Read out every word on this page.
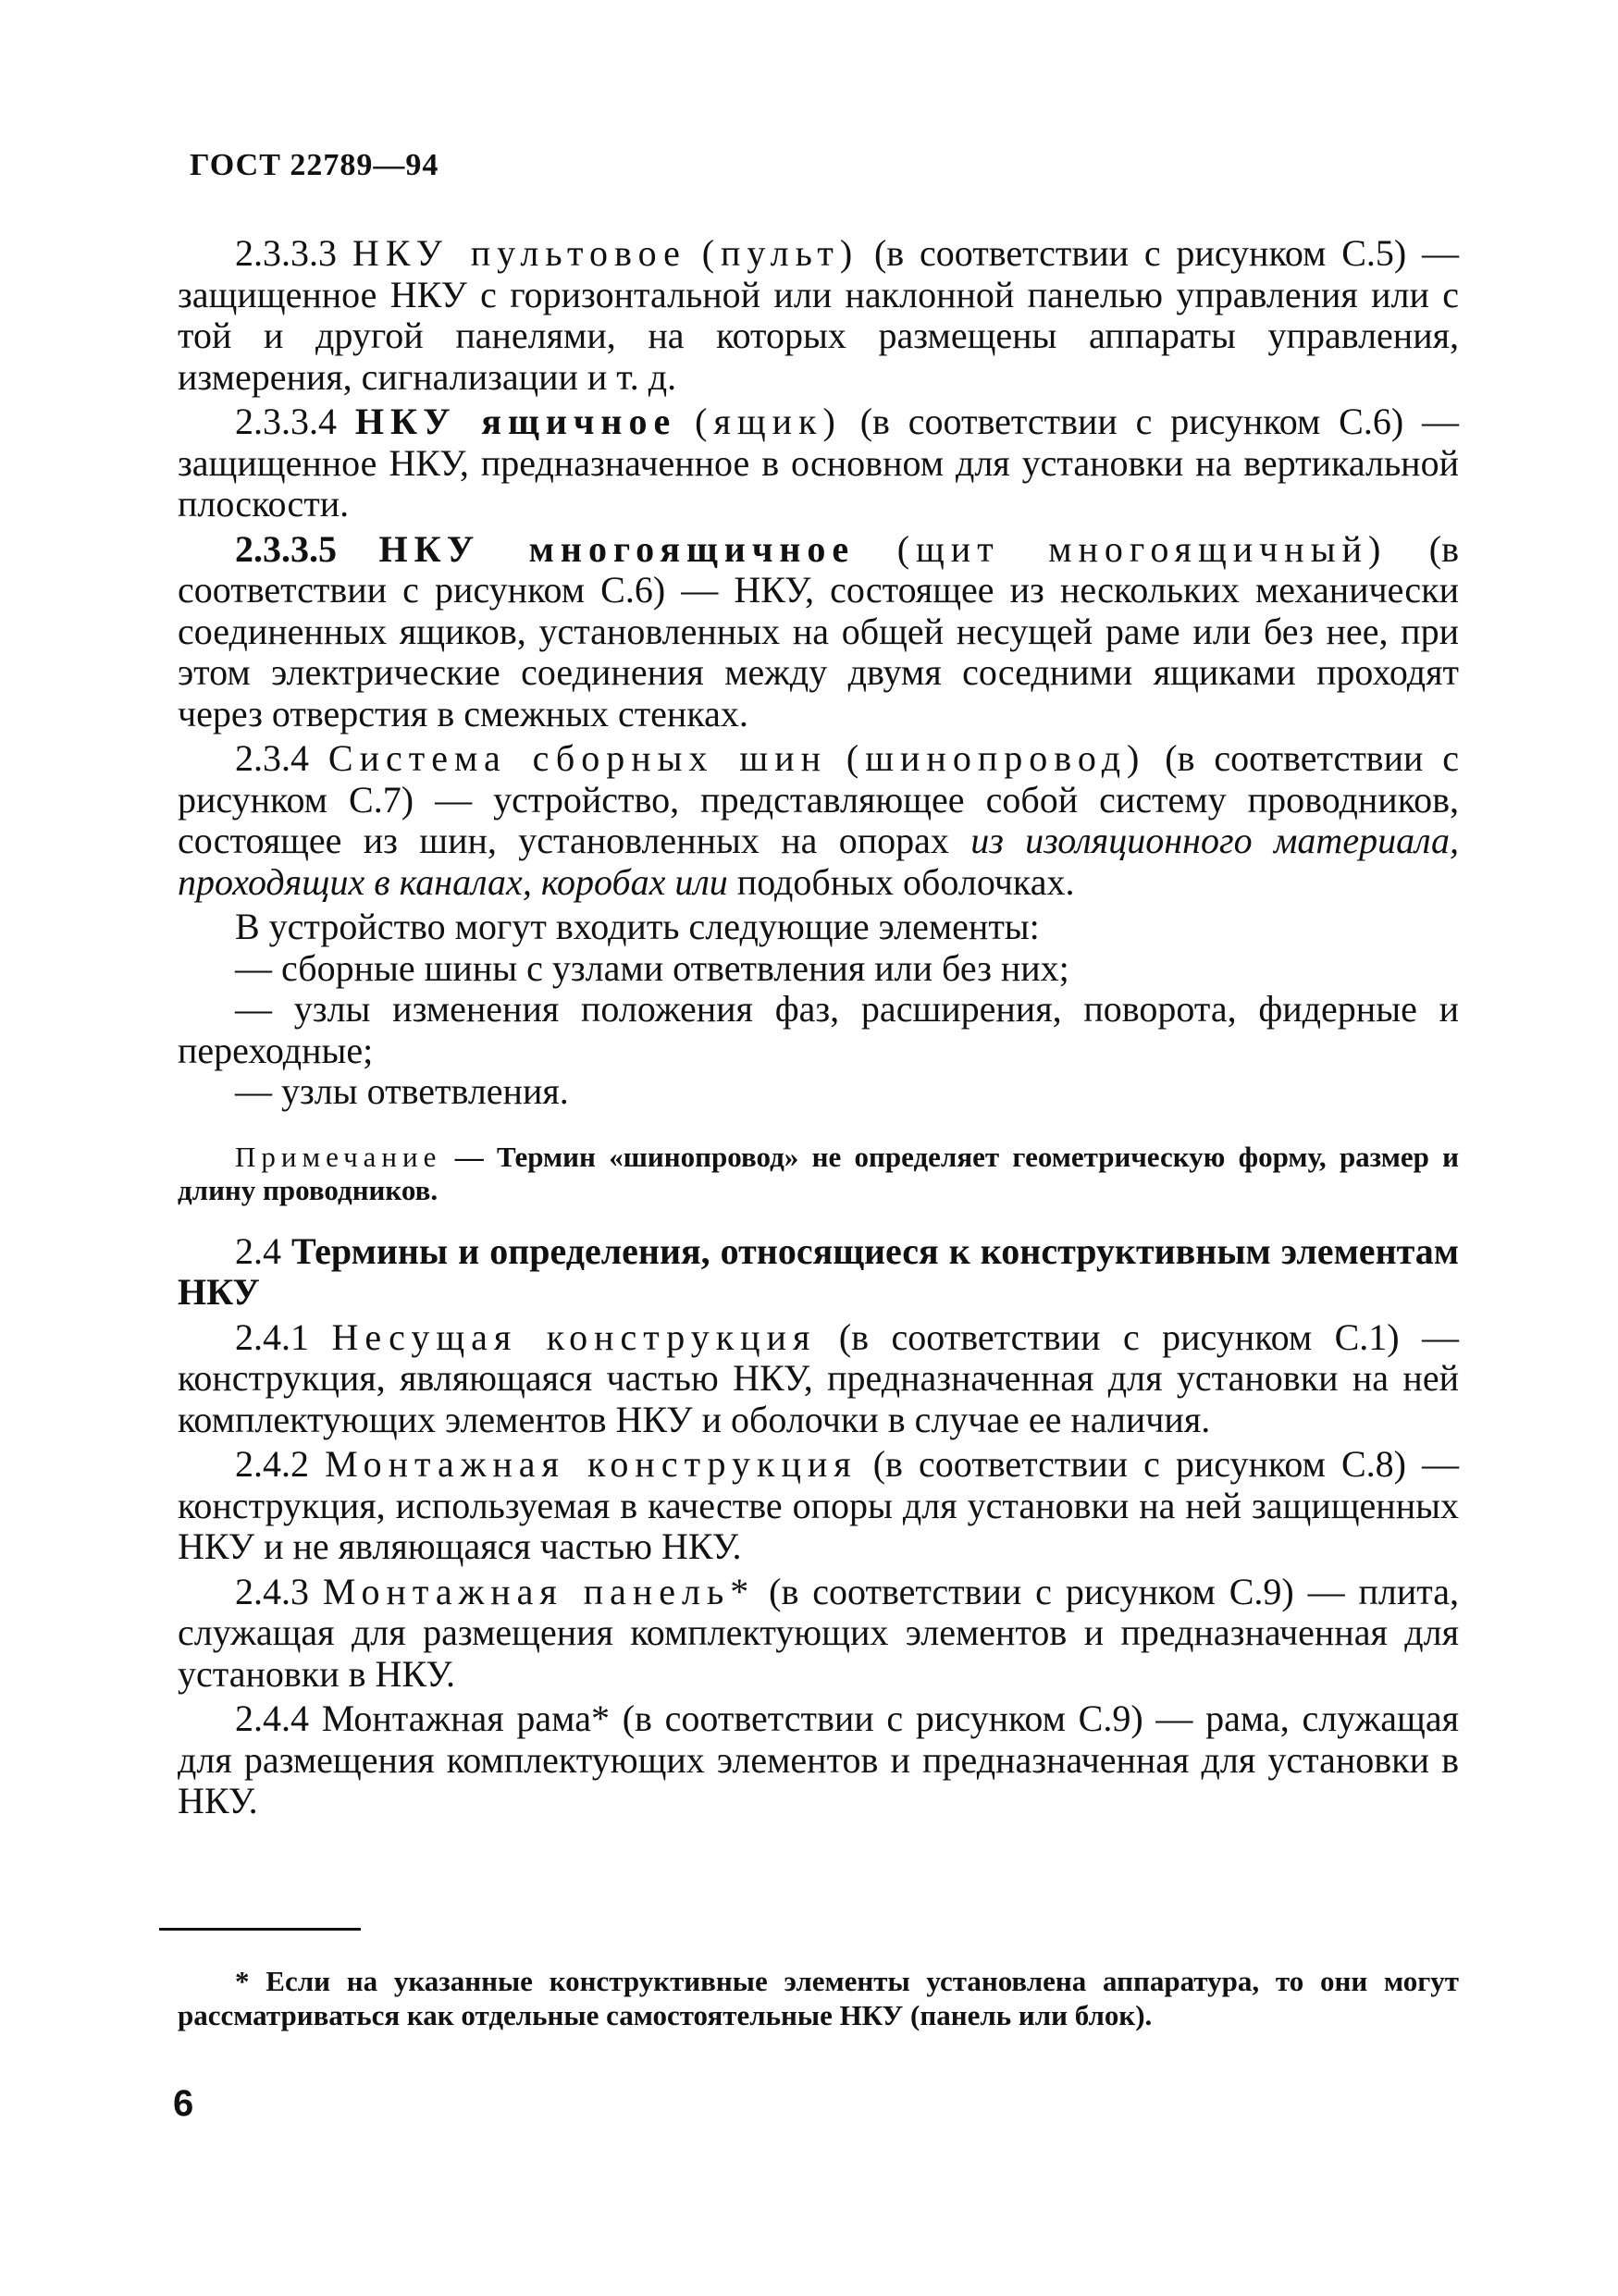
ГОСТ 22789—94

2.3.3.3 НКУ пультовое (пульт) (в соответствии с рисунком С.5) — защищенное НКУ с горизонтальной или наклонной панелью управления или с той и другой панелями, на которых размещены аппараты управления, измерения, сигнализации и т. д.

2.3.3.4 НКУ ящичное (ящик) (в соответствии с рисунком С.6) — защищенное НКУ, предназначенное в основном для установки на вертикальной плоскости.

2.3.3.5 НКУ многоящичное (щит многоящичный) (в соответствии с рисунком С.6) — НКУ, состоящее из нескольких механически соединенных ящиков, установленных на общей несущей раме или без нее, при этом электрические соединения между двумя соседними ящиками проходят через отверстия в смежных стенках.

2.3.4 Система сборных шин (шинопровод) (в соответствии с рисунком С.7) — устройство, представляющее собой систему проводников, состоящее из шин, установленных на опорах из изоляционного материала, проходящих в каналах, коробах или подобных оболочках.

В устройство могут входить следующие элементы:

— сборные шины с узлами ответвления или без них;

— узлы изменения положения фаз, расширения, поворота, фидерные и переходные;

— узлы ответвления.

Примечание — Термин «шинопровод» не определяет геометрическую форму, размер и длину проводников.

2.4 Термины и определения, относящиеся к конструктивным элементам НКУ

2.4.1 Несущая конструкция (в соответствии с рисунком С.1) — конструкция, являющаяся частью НКУ, предназначенная для установки на ней комплектующих элементов НКУ и оболочки в случае ее наличия.

2.4.2 Монтажная конструкция (в соответствии с рисунком С.8) —конструкция, используемая в качестве опоры для установки на ней защищенных НКУ и не являющаяся частью НКУ.

2.4.3 Монтажная панель* (в соответствии с рисунком С.9) — плита, служащая для размещения комплектующих элементов и предназначенная для установки в НКУ.

2.4.4 Монтажная рама* (в соответствии с рисунком С.9) — рама, служащая для размещения комплектующих элементов и предназначенная для установки в НКУ.

* Если на указанные конструктивные элементы установлена аппаратура, то они могут рассматриваться как отдельные самостоятельные НКУ (панель или блок).

6
